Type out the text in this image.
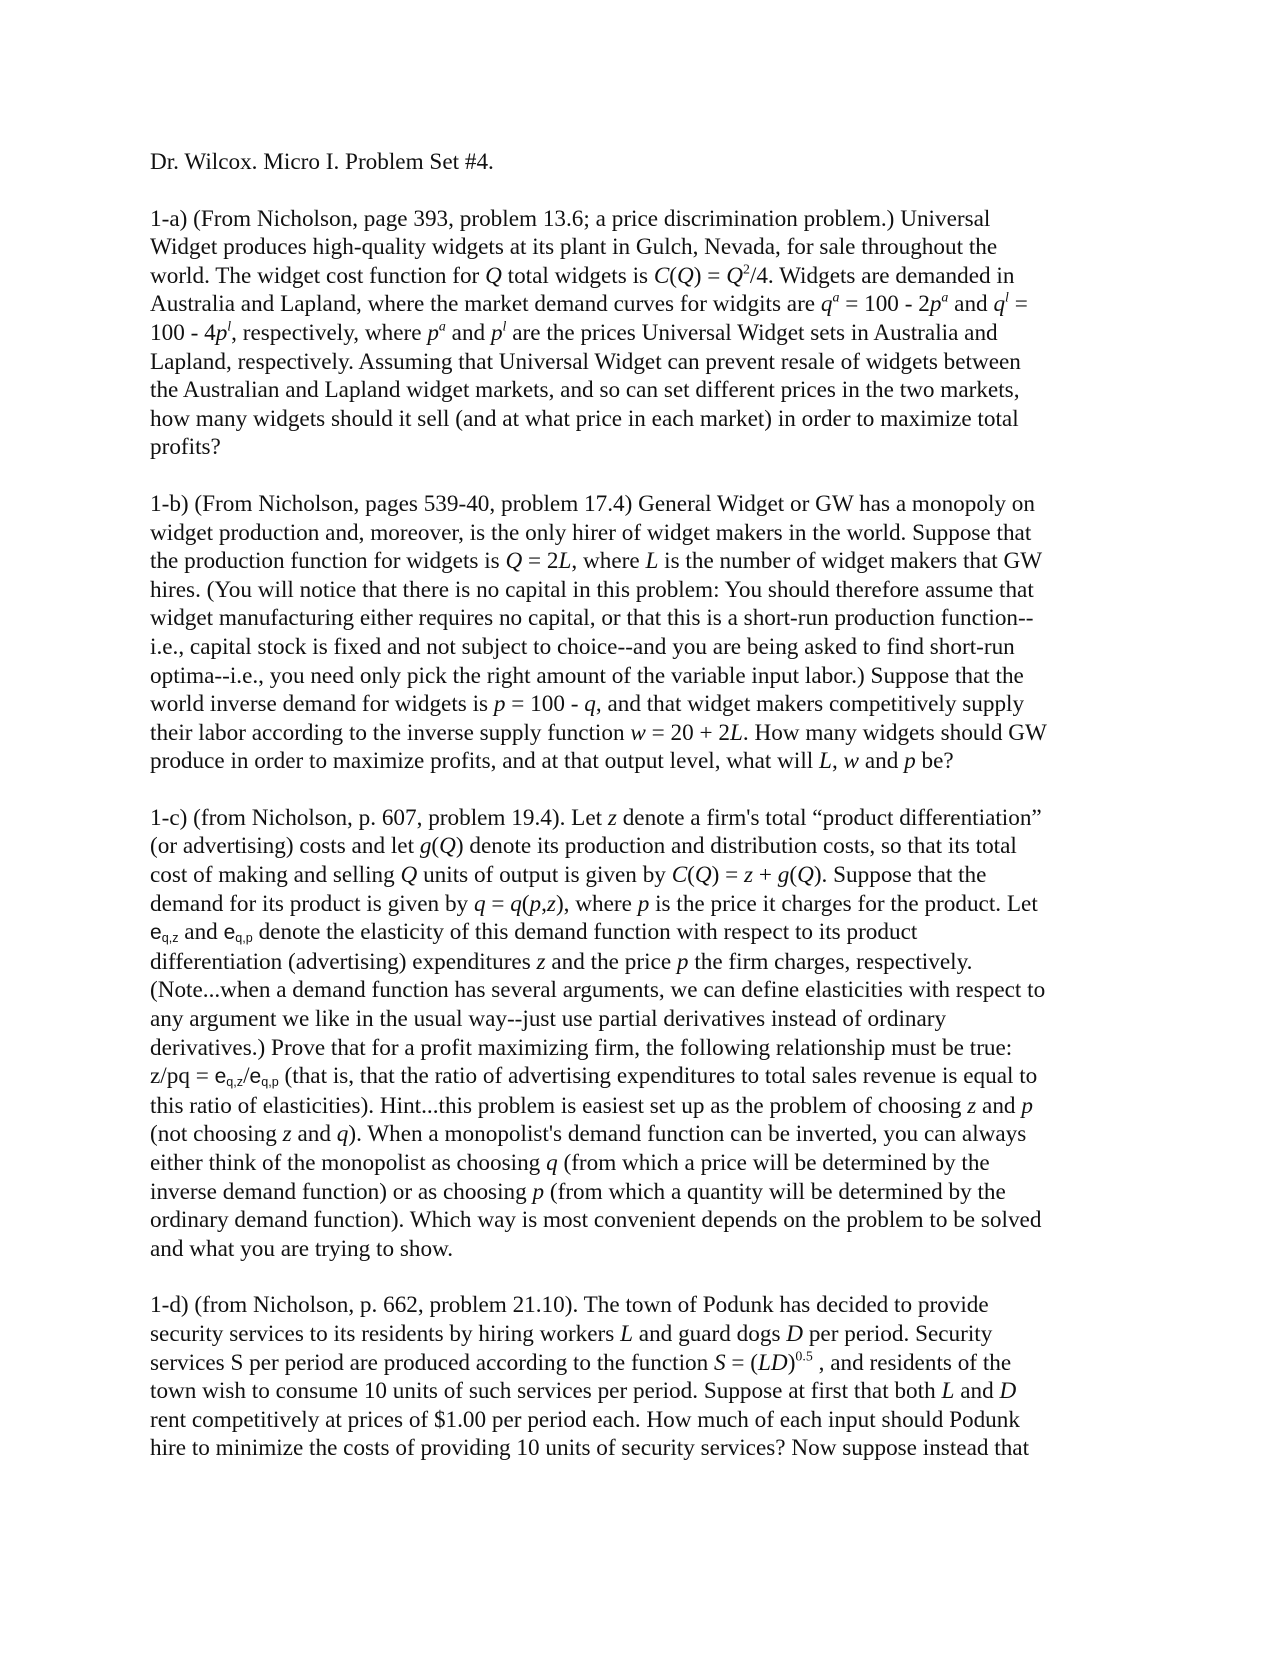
Dr. Wilcox. Micro I. Problem Set #4.
1-a) (From Nicholson, page 393, problem 13.6; a price discrimination problem.) Universal
Widget produces high-quality widgets at its plant in Gulch, Nevada, for sale throughout the
world. The widget cost function for Q total widgets is $C(Q) = Q^2/4$. Widgets are demanded in
Australia and Lapland, where the market demand curves for widgits are $q^a = 100 - 2p^a$ and $q^l$ =
$100 - 4p^l$, respectively, where $p^a$ and $p^l$ are the prices Universal Widget sets in Australia and
Lapland, respectively. Assuming that Universal Widget can prevent resale of widgets between
the Australian and Lapland widget markets, and so can set different prices in the two markets,
how many widgets should it sell (and at what price in each market) in order to maximize total
profits?
1-b) (From Nicholson, pages 539-40, problem 17.4) General Widget or GW has a monopoly on
widget production and, moreover, is the only hirer of widget makers in the world. Suppose that
the production function for widgets is Q = 2L, where L is the number of widget makers that GW
hires. (You will notice that there is no capital in this problem: You should therefore assume that
widget manufacturing either requires no capital, or that this is a short-run production function--
i.e., capital stock is fixed and not subject to choice--and you are being asked to find short-run
optima--i.e., you need only pick the right amount of the variable input labor.) Suppose that the
world inverse demand for widgets is p = 100 - q, and that widget makers competitively supply
their labor according to the inverse supply function w = 20 + 2L. How many widgets should GW
produce in order to maximize profits, and at that output level, what will L, w and p be?
1-c) (from Nicholson, p. 607, problem 19.4). Let z denote a firm's total “product differentiation”
(or advertising) costs and let g(Q) denote its production and distribution costs, so that its total
cost of making and selling Q units of output is given by C(Q) = z + g(Q). Suppose that the
demand for its product is given by q = q(p,z), where p is the price it charges for the product. Let
$e_{q,z}$ and $e_{q,p}$ denote the elasticity of this demand function with respect to its product
differentiation (advertising) expenditures z and the price p the firm charges, respectively.
(Note...when a demand function has several arguments, we can define elasticities with respect to
any argument we like in the usual way--just use partial derivatives instead of ordinary
derivatives.) Prove that for a profit maximizing firm, the following relationship must be true:
$z/pq = e_{q,z}/e_{q,p}$ (that is, that the ratio of advertising expenditures to total sales revenue is equal to
this ratio of elasticities). Hint...this problem is easiest set up as the problem of choosing z and p
(not choosing z and q). When a monopolist's demand function can be inverted, you can always
either think of the monopolist as choosing q (from which a price will be determined by the
inverse demand function) or as choosing p (from which a quantity will be determined by the
ordinary demand function). Which way is most convenient depends on the problem to be solved
and what you are trying to show.
1-d) (from Nicholson, p. 662, problem 21.10). The town of Podunk has decided to provide
security services to its residents by hiring workers L and guard dogs D per period. Security
services S per period are produced according to the function S = (LD)$^{0.5}$ , and residents of the
town wish to consume 10 units of such services per period. Suppose at first that both L and D
rent competitively at prices of $1.00 per period each. How much of each input should Podunk
hire to minimize the costs of providing 10 units of security services? Now suppose instead that
